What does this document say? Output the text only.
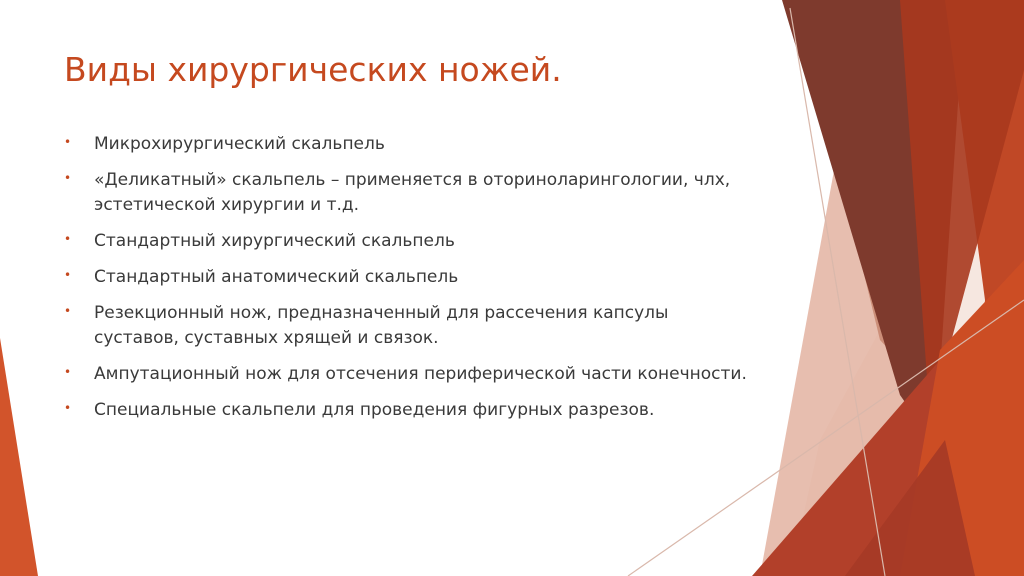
Виды хирургических ножей.
• Микрохирургический скальпель
• «Деликатный» скальпель – применяется в оториноларингологии, члх, эстетической хирургии и т.д.
• Стандартный хирургический скальпель
• Стандартный анатомический скальпель
• Резекционный нож, предназначенный для рассечения капсулы суставов, суставных хрящей и связок.
• Ампутационный нож для отсечения периферической части конечности.
• Специальные скальпели для проведения фигурных разрезов.
